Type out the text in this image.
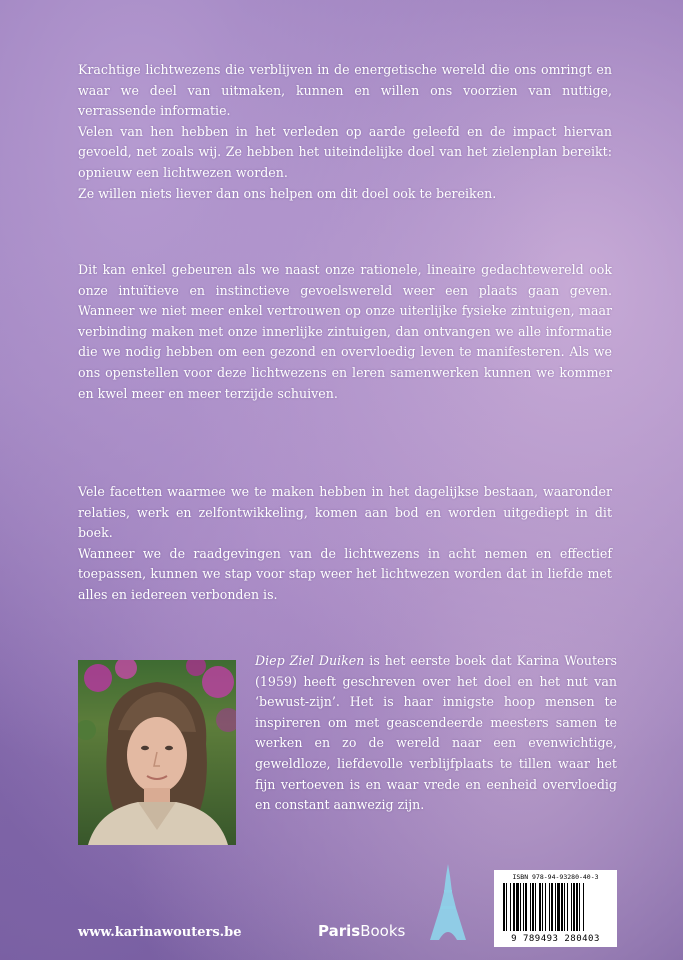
Krachtige lichtwezens die verblijven in de energetische wereld die ons omringt en waar we deel van uitmaken, kunnen en willen ons voorzien van nuttige, verrassende informatie.

Velen van hen hebben in het verleden op aarde geleefd en de impact hiervan gevoeld, net zoals wij. Ze hebben het uiteindelijke doel van het zielenplan bereikt: opnieuw een lichtwezen worden.

Ze willen niets liever dan ons helpen om dit doel ook te bereiken.

Dit kan enkel gebeuren als we naast onze rationele, lineaire gedachtewereld ook onze intuïtieve en instinctieve gevoelswereld weer een plaats gaan geven. Wanneer we niet meer enkel vertrouwen op onze uiterlijke fysieke zintuigen, maar verbinding maken met onze innerlijke zintuigen, dan ontvangen we alle informatie die we nodig hebben om een gezond en overvloedig leven te manifesteren. Als we ons openstellen voor deze lichtwezens en leren samenwerken kunnen we kommer en kwel meer en meer terzijde schuiven.

Vele facetten waarmee we te maken hebben in het dagelijkse bestaan, waaronder relaties, werk en zelfontwikkeling, komen aan bod en worden uitgediept in dit boek.

Wanneer we de raadgevingen van de lichtwezens in acht nemen en effectief toepassen, kunnen we stap voor stap weer het lichtwezen worden dat in liefde met alles en iedereen verbonden is.

Diep Ziel Duiken is het eerste boek dat Karina Wouters (1959) heeft geschreven over het doel en het nut van ‘bewust-zijn’. Het is haar innigste hoop mensen te inspireren om met geascendeerde meesters samen te werken en zo de wereld naar een evenwichtige, geweldloze, liefdevolle verblijfplaats te tillen waar het fijn vertoeven is en waar vrede en eenheid overvloedig en constant aanwezig zijn.
www.karinawouters.be	ParisBooks
ISBN 978-94-93280-40-3
9 789493 280403
